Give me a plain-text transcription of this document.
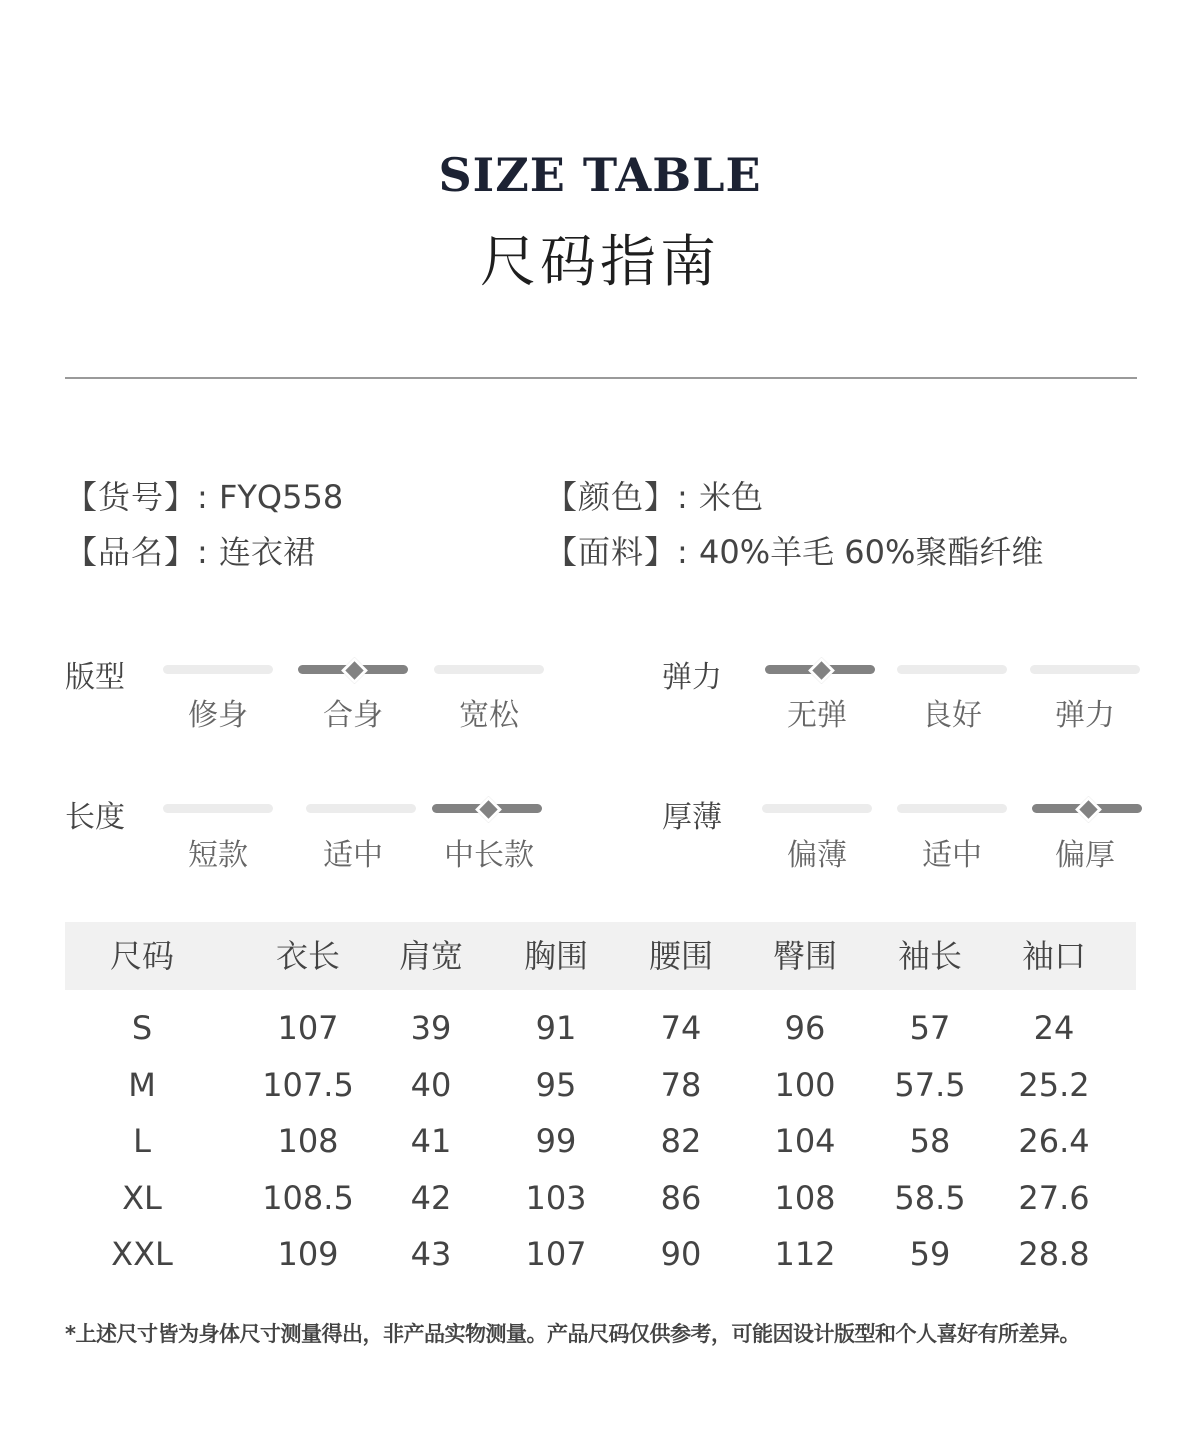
SIZE TABLE
尺码指南
【货号】: FYQ558	【颜色】: 米色
【品名】: 连衣裙	【面料】: 40%羊毛 60%聚酯纤维
版型
修身	合身	宽松
弹力
无弹	良好	弹力
长度
短款	适中	中长款
厚薄
偏薄	适中	偏厚
尺码	衣长	肩宽	胸围	腰围	臀围	袖长	袖口
S	107	39	91	74	96	57	24
M	107.5	40	95	78	100	57.5	25.2
L	108	41	99	82	104	58	26.4
XL	108.5	42	103	86	108	58.5	27.6
XXL	109	43	107	90	112	59	28.8
*上述尺寸皆为身体尺寸测量得出，非产品实物测量。产品尺码仅供参考，可能因设计版型和个人喜好有所差异。
